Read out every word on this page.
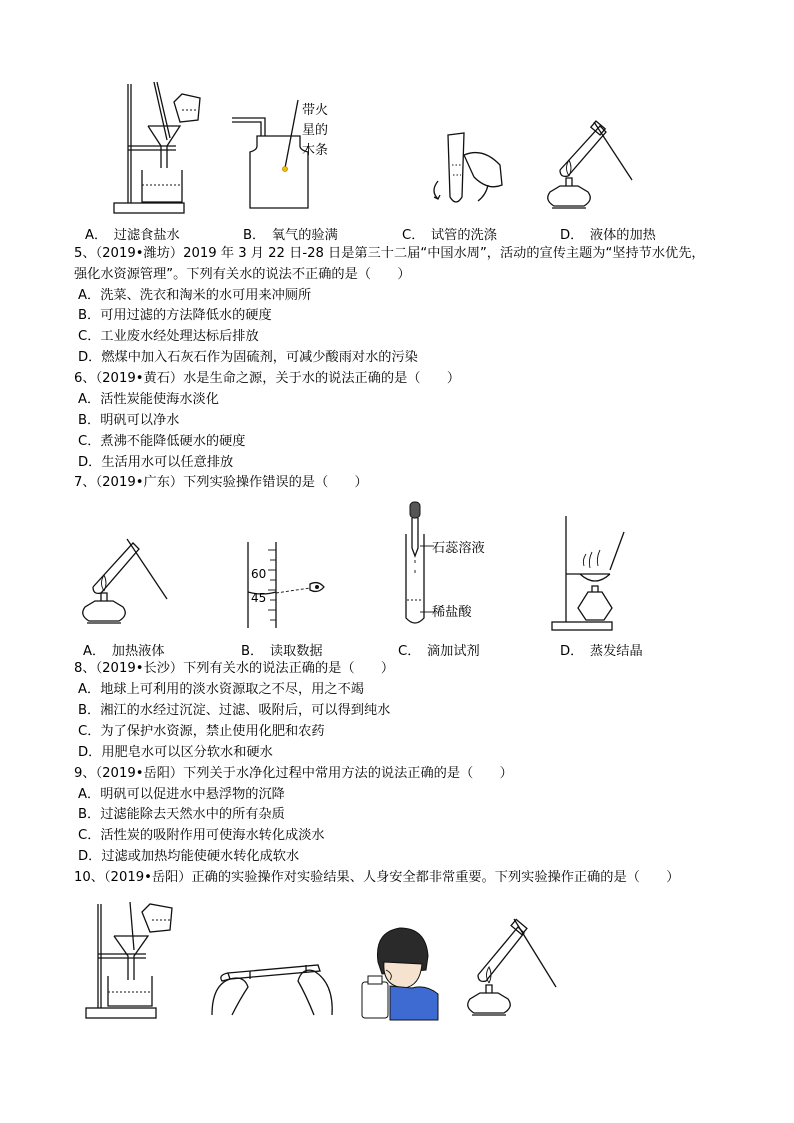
带火
星的
木条
A．　过滤食盐水	B．　氧气的验满	C．　试管的洗涤	D．　液体的加热
5、（2019•潍坊）2019 年 3 月 22 日-28 日是第三十二届“中国水周”，活动的宣传主题为“坚持节水优先，
强化水资源管理”。下列有关水的说法不正确的是（　　）
A．洗菜、洗衣和淘米的水可用来冲厕所
B．可用过滤的方法降低水的硬度
C．工业废水经处理达标后排放
D．燃煤中加入石灰石作为固硫剂，可减少酸雨对水的污染
6、（2019•黄石）水是生命之源，关于水的说法正确的是（　　）
A．活性炭能使海水淡化
B．明矾可以净水
C．煮沸不能降低硬水的硬度
D．生活用水可以任意排放
7、（2019•广东）下列实验操作错误的是（　　）
60
45
石蕊溶液
稀盐酸
A．　加热液体	B．　读取数据	C．　滴加试剂	D．　蒸发结晶
8、（2019•长沙）下列有关水的说法正确的是（　　）
A．地球上可利用的淡水资源取之不尽，用之不竭
B．湘江的水经过沉淀、过滤、吸附后，可以得到纯水
C．为了保护水资源，禁止使用化肥和农药
D．用肥皂水可以区分软水和硬水
9、（2019•岳阳）下列关于水净化过程中常用方法的说法正确的是（　　）
A．明矾可以促进水中悬浮物的沉降
B．过滤能除去天然水中的所有杂质
C．活性炭的吸附作用可使海水转化成淡水
D．过滤或加热均能使硬水转化成软水
10、（2019•岳阳）正确的实验操作对实验结果、人身安全都非常重要。下列实验操作正确的是（　　）
